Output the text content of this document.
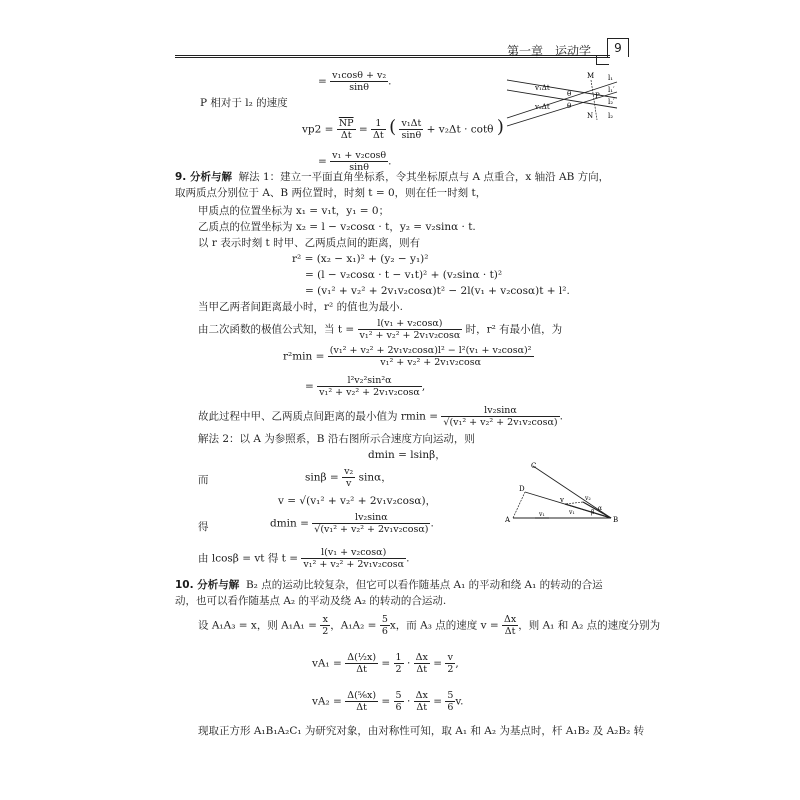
第一章　运动学	9
= $\frac{\text{v₁cosθ + v₂}}{\sin\theta}$ .
P 相对于 l₂ 的速度
$vp2 = \frac{\overline{NP}}{\Delta t} = \frac{1}{\Delta t}$ ( $\frac{\text{v₁Δt}}{\sin\theta} + v_2\Delta t \cdot \cot\theta$ )
= $\frac{\text{v₁ + v₂cosθ}}{\sin\theta}$ .
M l₁
v₁Δt
θ	P
l₁′
v₂Δt θ
N l₂
l₂′
9. 分析与解 解法 1：建立一平面直角坐标系，令其坐标原点与 A 点重合，x 轴沿 AB 方向，
取两质点分别位于 A、B 两位置时，时刻 t = 0，则在任一时刻 t，
甲质点的位置坐标为 x₁ = v₁t，y₁ = 0；
乙质点的位置坐标为 x₂ = l − v₂cosα · t，y₂ = v₂sinα · t.
以 r 表示时刻 t 时甲、乙两质点间的距离，则有
r² = (x₂ − x₁)² + (y₂ − y₁)²
= (l − v₂cosα · t − v₁t)² + (v₂sinα · t)²
= (v₁² + v₂² + 2v₁v₂cosα)t² − 2l(v₁ + v₂cosα)t + l².
当甲乙两者间距离最小时，r² 的值也为最小.
由二次函数的极值公式知，当 $t = \frac{\text{l(v₁ + v₂cosα)}}{\text{v₁² + v₂² + 2v₁v₂cosα}}$ 时，r² 有最小值，为
$r^2\min = \frac{\text{(v₁² + v₂² + 2v₁v₂cosα)l² − l²(v₁ + v₂cosα)²}}{\text{v₁² + v₂² + 2v₁v₂cosα}}$
= $\frac{\text{l²v₂²sin²α}}{\text{v₁² + v₂² + 2v₁v₂cosα}}$ ,
故此过程中甲、乙两质点间距离的最小值为 $rmin = \frac{\text{lv₂sinα}}{\text{√(v₁² + v₂² + 2v₁v₂cosα)}}$ .
解法 2：以 A 为参照系，B 沿右图所示合速度方向运动，则
dmin = lsinβ，
而	$\sin\beta = \frac{\text{v₂}}{v}$ sinα，
v = √(v₁² + v₂² + 2v₁v₂cosα)，
得	$dmin = \frac{\text{lv₂sinα}}{\text{√(v₁² + v₂² + 2v₁v₂cosα)}}$ .
由 lcosβ = vt 得 $t = \frac{\text{l(v₁ + v₂cosα)}}{\text{v₁² + v₂² + 2v₁v₂cosα}}$ .
C
D
A	B
v
v₁
v₂
β
α
v₁
10. 分析与解 B₂ 点的运动比较复杂，但它可以看作随基点 A₁ 的平动和绕 A₁ 的转动的合运
动，也可以看作随基点 A₂ 的平动及绕 A₂ 的转动的合运动.
设 A₁A₃ = x，则 $A_1A_1 = \frac{x}{2}$ ，$A_1A_2 = \frac{5}{6}$ x，而 A₃ 点的速度 $v = \frac{\Delta x}{\Delta t}$ ，则 A₁ 和 A₂ 点的速度分别为
$vA_1 = \frac{\text{Δ(½x)}}{\Delta t} = \frac{1}{2} \cdot \frac{\Delta x}{\Delta t} = \frac{v}{2}$ ,
$vA_2 = \frac{\text{Δ(⁵⁄₆x)}}{\Delta t} = \frac{5}{6} \cdot \frac{\Delta x}{\Delta t} = \frac{5}{6} v$.
现取正方形 A₁B₁A₂C₁ 为研究对象，由对称性可知，取 A₁ 和 A₂ 为基点时，杆 A₁B₂ 及 A₂B₂ 转
